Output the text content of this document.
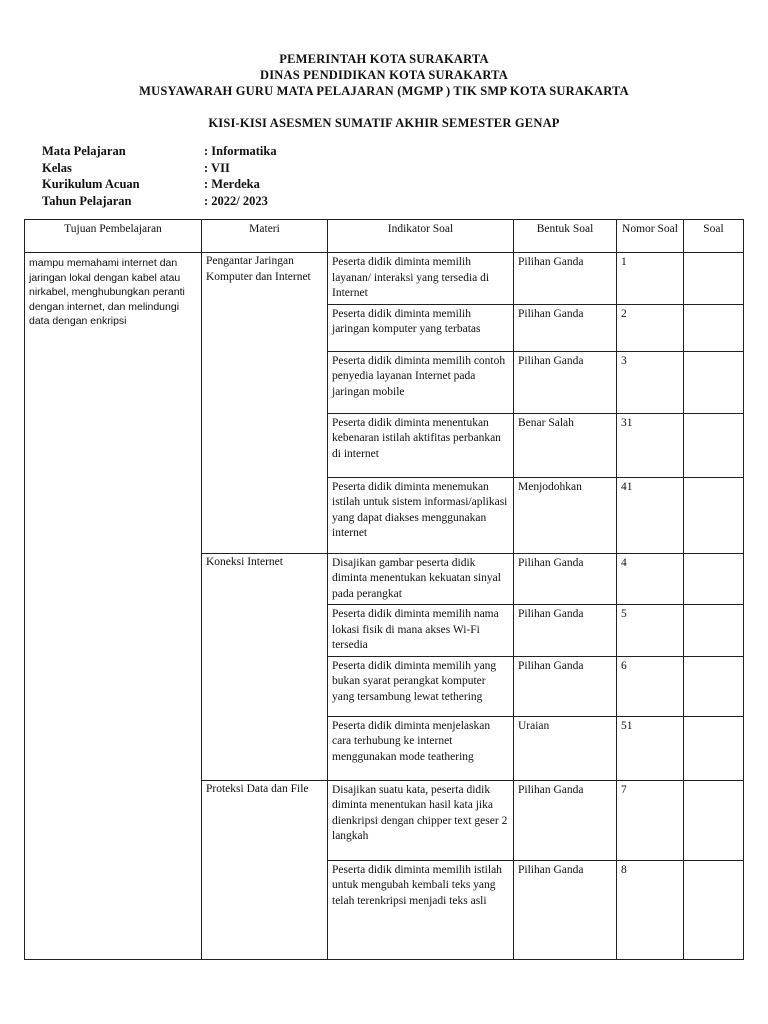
PEMERINTAH KOTA SURAKARTA
DINAS PENDIDIKAN KOTA SURAKARTA
MUSYAWARAH GURU MATA PELAJARAN (MGMP ) TIK SMP KOTA SURAKARTA
KISI-KISI ASESMEN SUMATIF AKHIR SEMESTER GENAP
Mata Pelajaran	: Informatika
Kelas	: VII
Kurikulum Acuan	: Merdeka
Tahun Pelajaran	: 2022/ 2023
Tujuan Pembelajaran	Materi	Indikator Soal	Bentuk Soal	Nomor Soal	Soal
mampu memahami internet dan jaringan lokal dengan kabel atau nirkabel, menghubungkan peranti dengan internet, dan melindungi data dengan enkripsi	Pengantar Jaringan Komputer dan Internet	Peserta didik diminta memilih layanan/ interaksi yang tersedia di Internet	Pilihan Ganda	1	
		Peserta didik diminta memilih jaringan komputer yang terbatas	Pilihan Ganda	2	
		Peserta didik diminta memilih contoh penyedia layanan Internet pada jaringan mobile	Pilihan Ganda	3	
		Peserta didik diminta menentukan kebenaran istilah aktifitas perbankan di internet	Benar Salah	31	
		Peserta didik diminta menemukan istilah untuk sistem informasi/aplikasi yang dapat diakses menggunakan internet	Menjodohkan	41	
	Koneksi Internet	Disajikan gambar peserta didik diminta menentukan kekuatan sinyal pada perangkat	Pilihan Ganda	4	
		Peserta didik diminta memilih nama lokasi fisik di mana akses Wi-Fi tersedia	Pilihan Ganda	5	
		Peserta didik diminta memilih yang bukan syarat perangkat komputer yang tersambung lewat tethering	Pilihan Ganda	6	
		Peserta didik diminta menjelaskan cara terhubung ke internet menggunakan mode teathering	Uraian	51	
	Proteksi Data dan File	Disajikan suatu kata, peserta didik diminta menentukan hasil kata jika dienkripsi dengan chipper text geser 2 langkah	Pilihan Ganda	7	
		Peserta didik diminta memilih istilah untuk mengubah kembali teks yang telah terenkripsi menjadi teks asli	Pilihan Ganda	8	
